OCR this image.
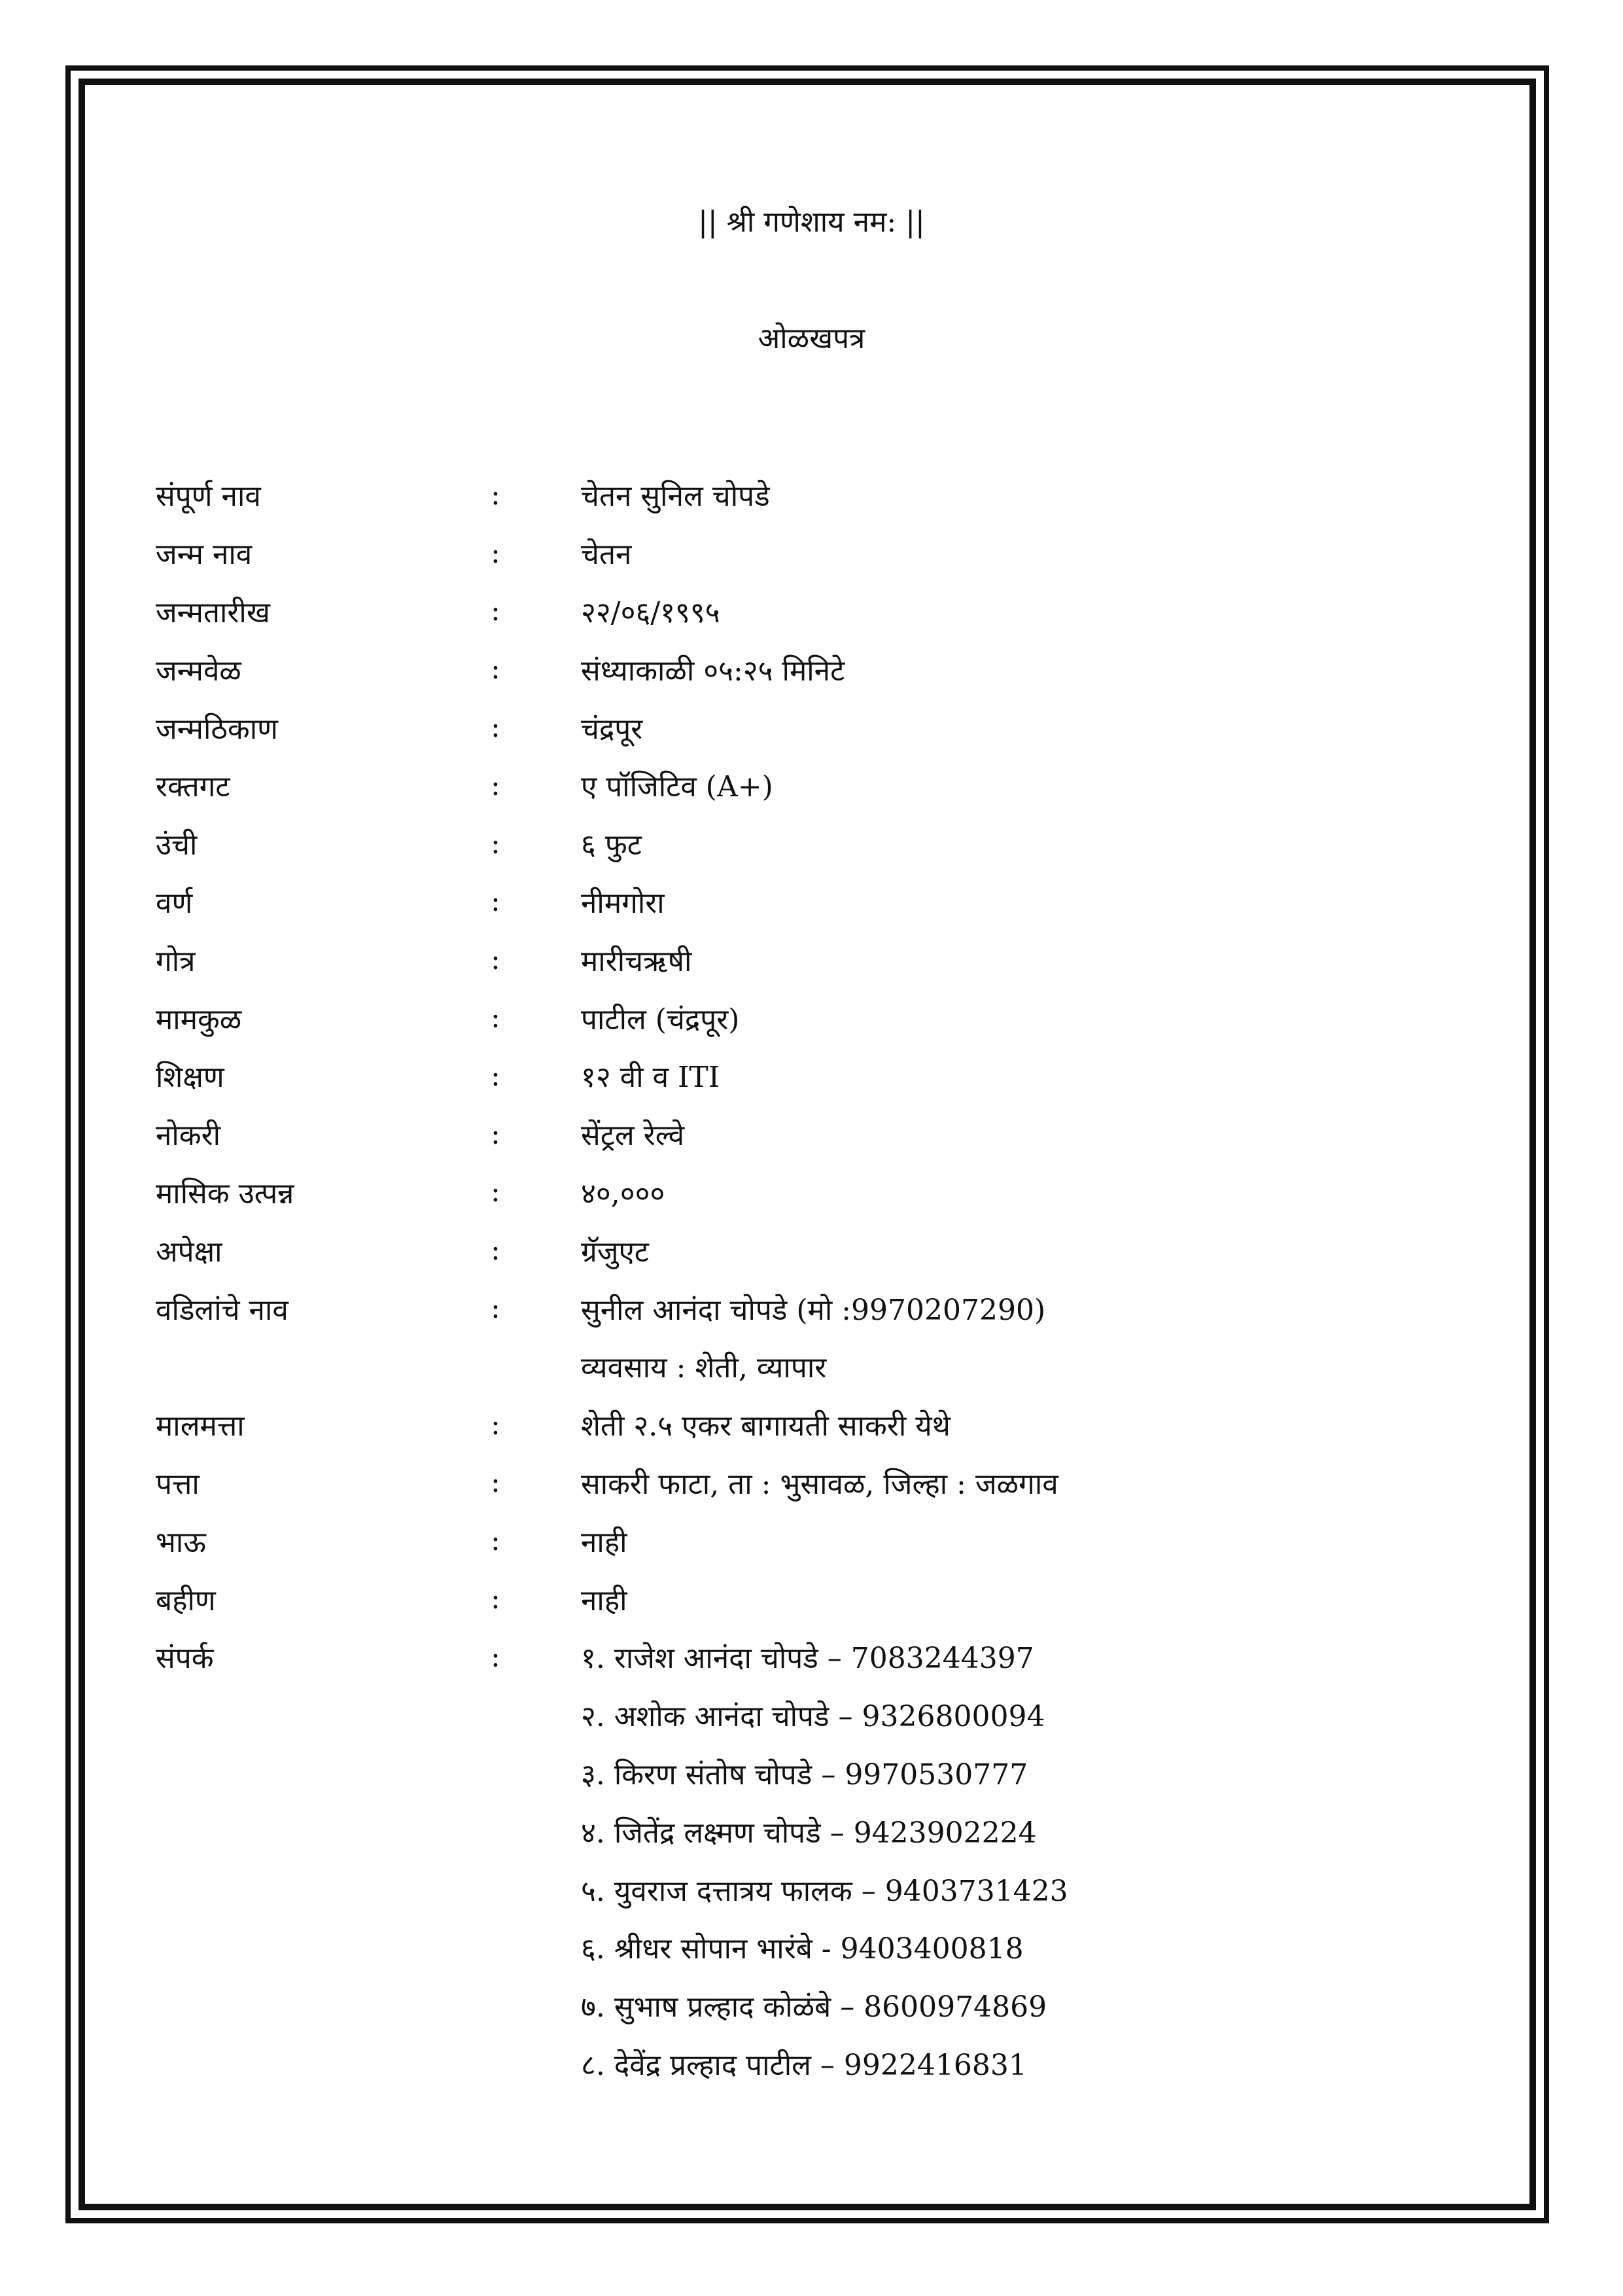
|| श्री गणेशाय नम: ||
ओळखपत्र
संपूर्ण नाव	:	चेतन सुनिल चोपडे
जन्म नाव	:	चेतन
जन्मतारीख	:	२२/०६/१९९५
जन्मवेळ	:	संध्याकाळी ०५:२५ मिनिटे
जन्मठिकाण	:	चंद्रपूर
रक्तगट	:	ए पॉजिटिव (A+)
उंची	:	६ फुट
वर्ण	:	नीमगोरा
गोत्र	:	मारीचऋषी
मामकुळ	:	पाटील (चंद्रपूर)
शिक्षण	:	१२ वी व ITI
नोकरी	:	सेंट्रल रेल्वे
मासिक उत्पन्न	:	४०,०००
अपेक्षा	:	ग्रॅजुएट
वडिलांचे नाव	:	सुनील आनंदा चोपडे (मो :9970207290)
व्यवसाय : शेती, व्यापार
मालमत्ता	:	शेती २.५ एकर बागायती साकरी येथे
पत्ता	:	साकरी फाटा, ता : भुसावळ, जिल्हा : जळगाव
भाऊ	:	नाही
बहीण	:	नाही
संपर्क	:	१. राजेश आनंदा चोपडे – 7083244397
२. अशोक आनंदा चोपडे – 9326800094
३. किरण संतोष चोपडे – 9970530777
४. जितेंद्र लक्ष्मण चोपडे – 9423902224
५. युवराज दत्तात्रय फालक – 9403731423
६. श्रीधर सोपान भारंबे - 9403400818
७. सुभाष प्रल्हाद कोळंबे – 8600974869
८. देवेंद्र प्रल्हाद पाटील – 9922416831
